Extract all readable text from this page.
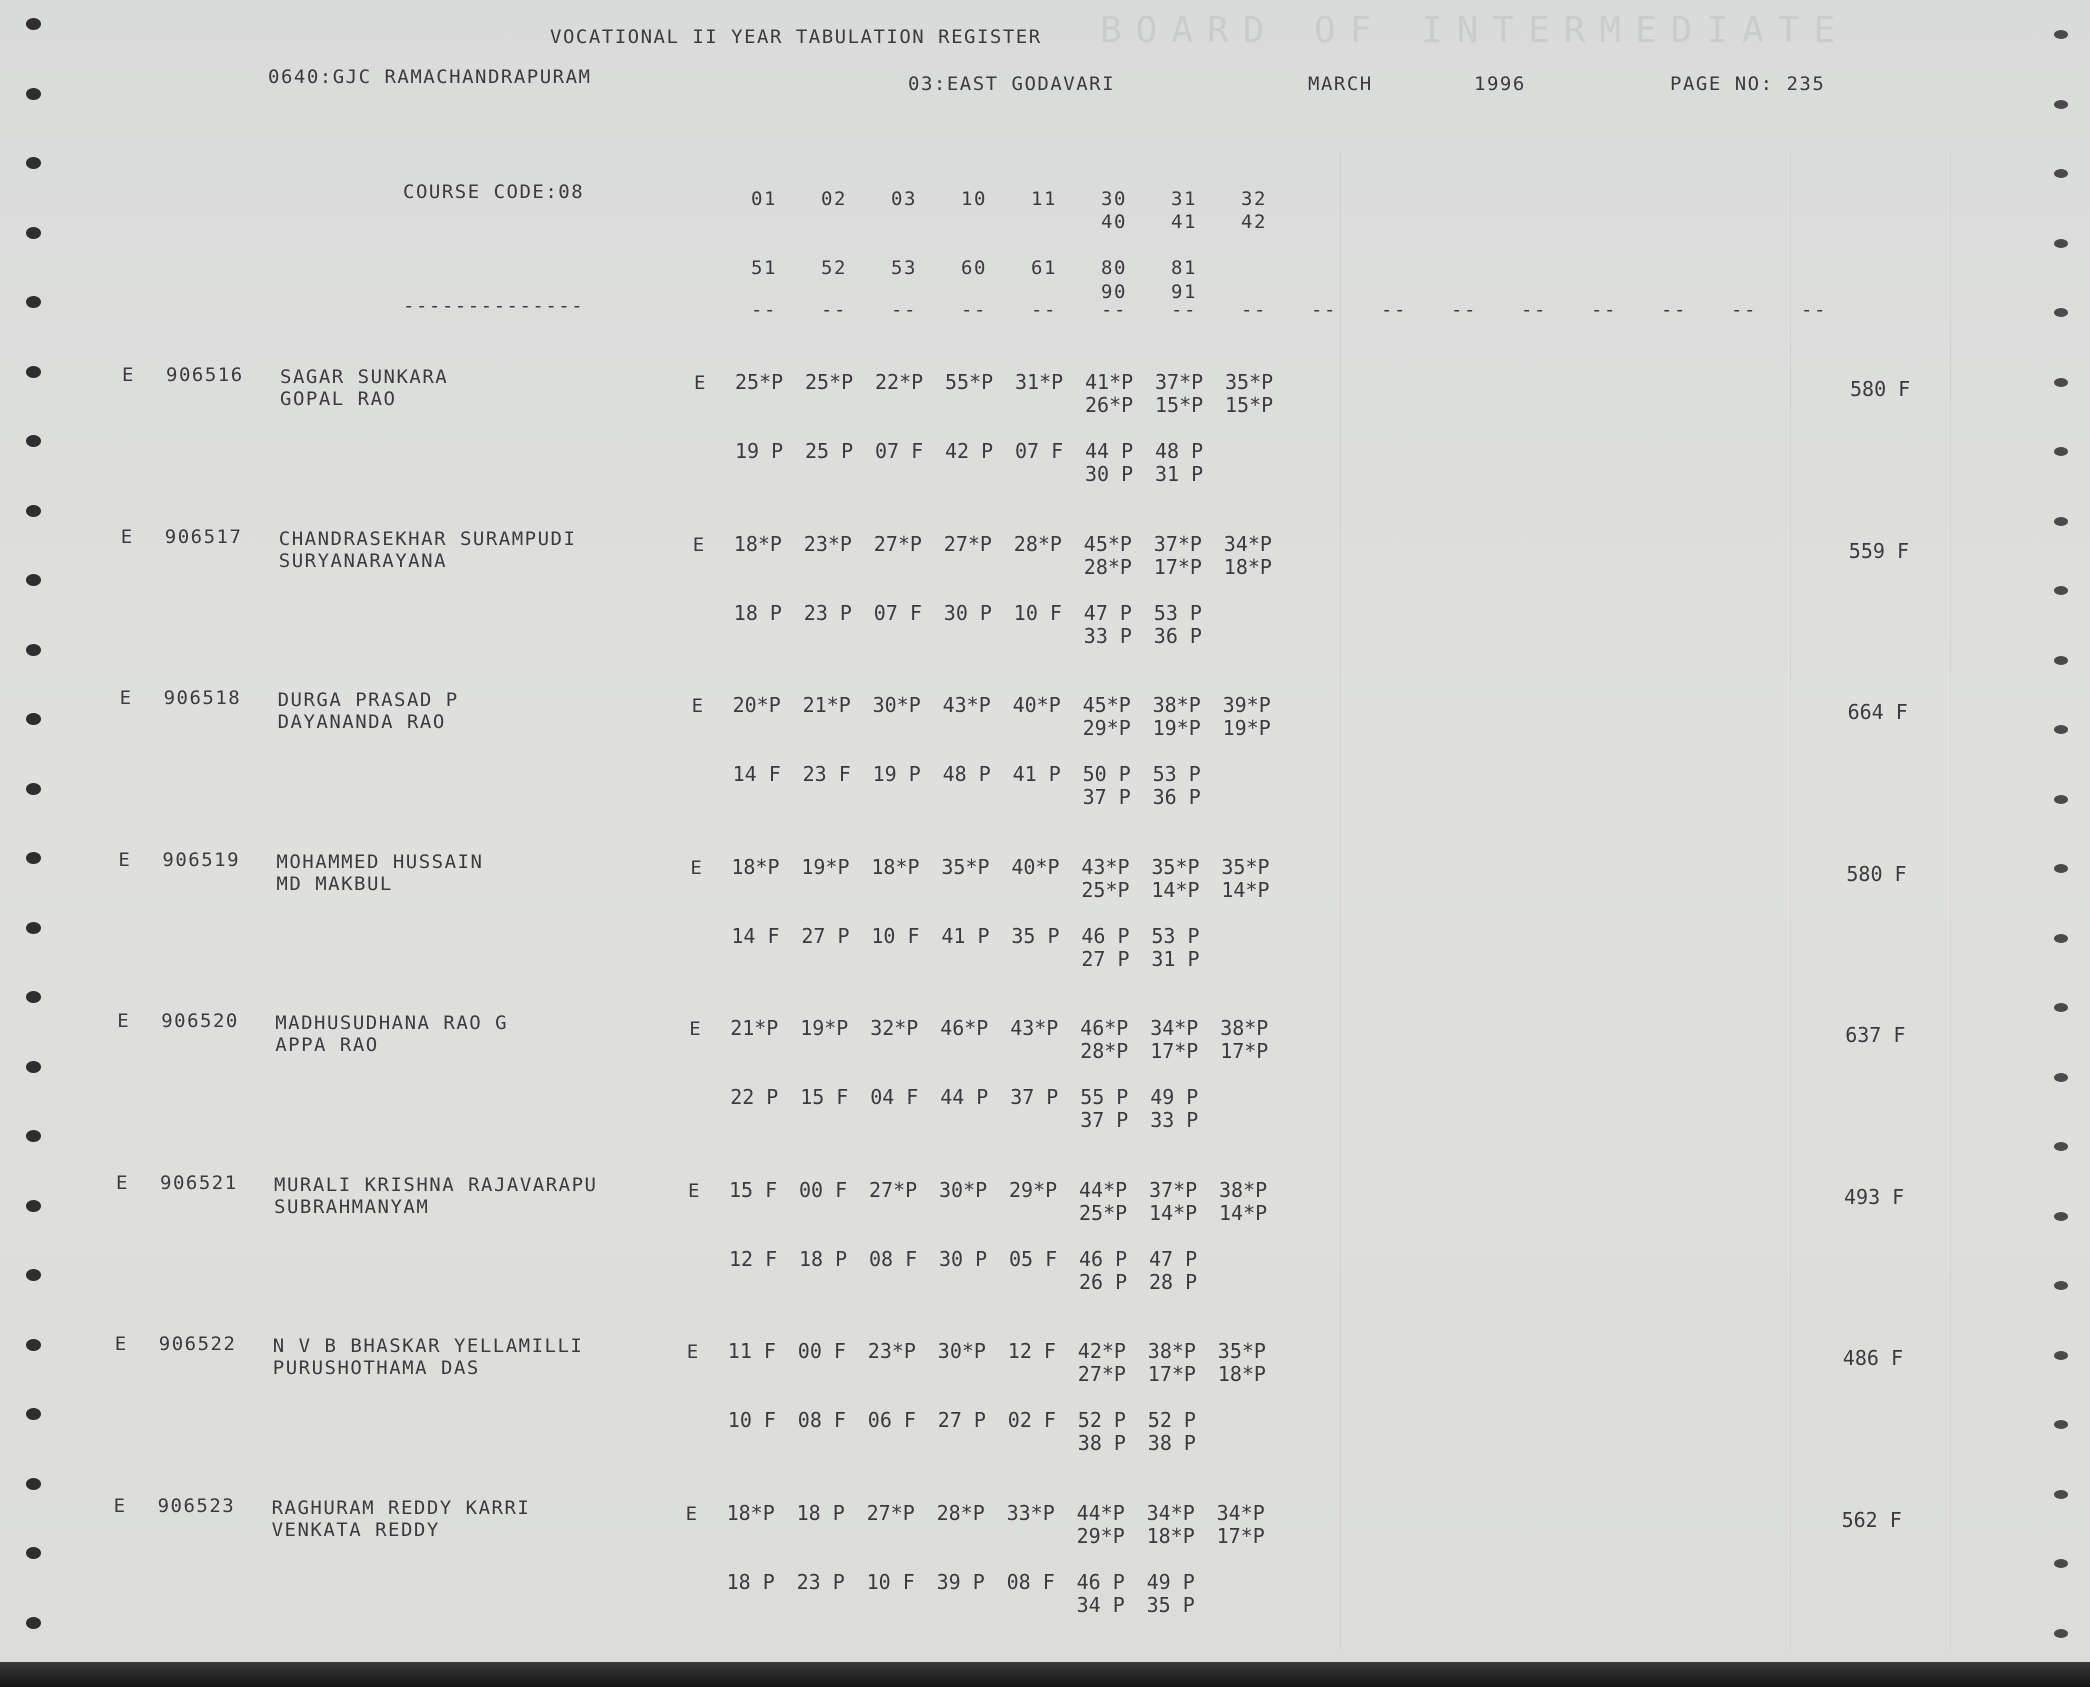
BOARD OF INTERMEDIATE
VOCATIONAL II YEAR TABULATION REGISTER
0640:GJC RAMACHANDRAPURAM	03:EAST GODAVARI	MARCH	1996	PAGE NO: 235
COURSE CODE:08
--------------
01 02 03 10 11 30 31 32
40 41 42
51 52 53 60 61 80 81
90 91
-- -- -- -- -- -- -- -- -- -- -- -- -- -- -- --
E 906516 SAGAR SUNKARA
GOPAL RAO
E 25*P 25*P 22*P 55*P 31*P 41*P 37*P 35*P
26*P 15*P 15*P
19 P 25 P 07 F 42 P 07 F 44 P 48 P
30 P 31 P
580 F
E 906517 CHANDRASEKHAR SURAMPUDI
SURYANARAYANA
E 18*P 23*P 27*P 27*P 28*P 45*P 37*P 34*P
28*P 17*P 18*P
18 P 23 P 07 F 30 P 10 F 47 P 53 P
33 P 36 P
559 F
E 906518 DURGA PRASAD P
DAYANANDA RAO
E 20*P 21*P 30*P 43*P 40*P 45*P 38*P 39*P
29*P 19*P 19*P
14 F 23 F 19 P 48 P 41 P 50 P 53 P
37 P 36 P
664 F
E 906519 MOHAMMED HUSSAIN
MD MAKBUL
E 18*P 19*P 18*P 35*P 40*P 43*P 35*P 35*P
25*P 14*P 14*P
14 F 27 P 10 F 41 P 35 P 46 P 53 P
27 P 31 P
580 F
E 906520 MADHUSUDHANA RAO G
APPA RAO
E 21*P 19*P 32*P 46*P 43*P 46*P 34*P 38*P
28*P 17*P 17*P
22 P 15 F 04 F 44 P 37 P 55 P 49 P
37 P 33 P
637 F
E 906521 MURALI KRISHNA RAJAVARAPU
SUBRAHMANYAM
E 15 F 00 F 27*P 30*P 29*P 44*P 37*P 38*P
25*P 14*P 14*P
12 F 18 P 08 F 30 P 05 F 46 P 47 P
26 P 28 P
493 F
E 906522 N V B BHASKAR YELLAMILLI
PURUSHOTHAMA DAS
E 11 F 00 F 23*P 30*P 12 F 42*P 38*P 35*P
27*P 17*P 18*P
10 F 08 F 06 F 27 P 02 F 52 P 52 P
38 P 38 P
486 F
E 906523 RAGHURAM REDDY KARRI
VENKATA REDDY
E 18*P 18 P 27*P 28*P 33*P 44*P 34*P 34*P
29*P 18*P 17*P
18 P 23 P 10 F 39 P 08 F 46 P 49 P
34 P 35 P
562 F
